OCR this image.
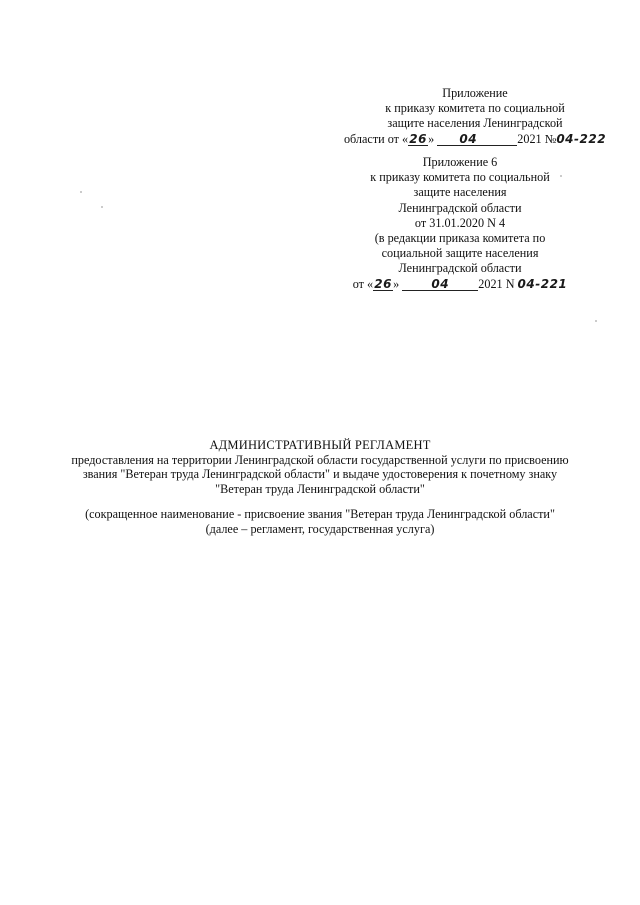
Приложение
к приказу комитета по социальной
защите населения Ленинградской
области от «26» 04	2021 №04-222
Приложение 6
к приказу комитета по социальной
защите населения
Ленинградской области
от 31.01.2020 N 4
(в редакции приказа комитета по
социальной защите населения
Ленинградской области
от «26»	04 2021 N 04-221
АДМИНИСТРАТИВНЫЙ РЕГЛАМЕНТ
предоставления на территории Ленинградской области государственной услуги по присвоению
звания "Ветеран труда Ленинградской области" и выдаче удостоверения к почетному знаку
"Ветеран труда Ленинградской области"
(сокращенное наименование - присвоение звания "Ветеран труда Ленинградской области"
(далее – регламент, государственная услуга)
